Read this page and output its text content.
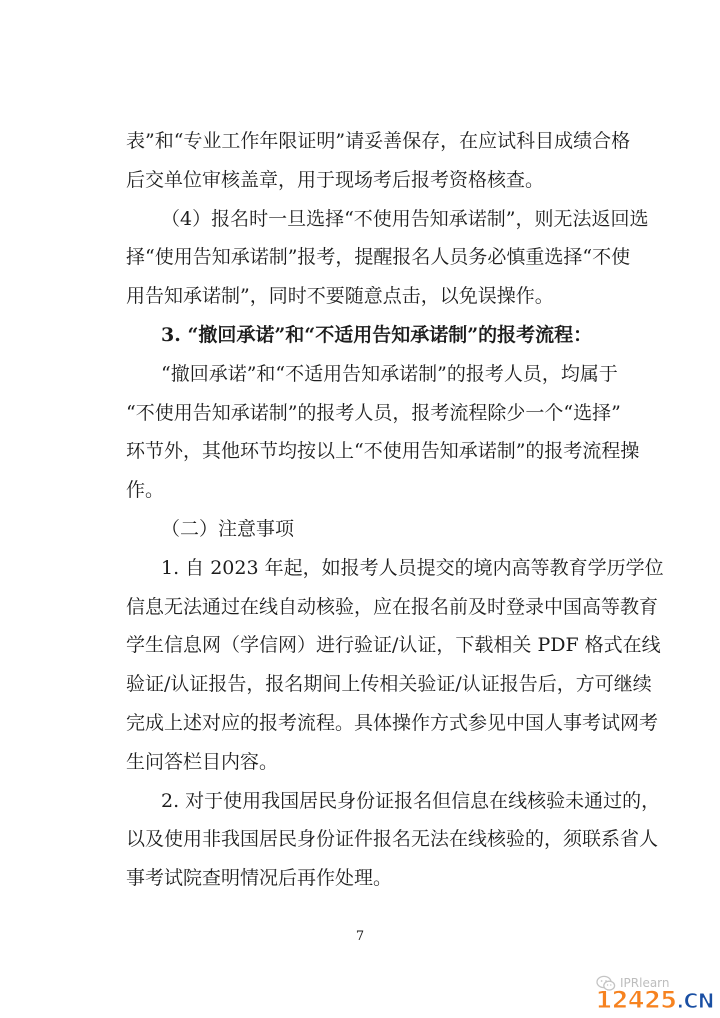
表”和“专业工作年限证明”请妥善保存，在应试科目成绩合格
后交单位审核盖章，用于现场考后报考资格核查。
（4）报名时一旦选择“不使用告知承诺制”，则无法返回选
择“使用告知承诺制”报考，提醒报名人员务必慎重选择“不使
用告知承诺制”，同时不要随意点击，以免误操作。
3. “撤回承诺”和“不适用告知承诺制”的报考流程：
“撤回承诺”和“不适用告知承诺制”的报考人员，均属于
“不使用告知承诺制”的报考人员，报考流程除少一个“选择”
环节外，其他环节均按以上“不使用告知承诺制”的报考流程操
作。
（二）注意事项
1. 自 2023 年起，如报考人员提交的境内高等教育学历学位
信息无法通过在线自动核验，应在报名前及时登录中国高等教育
学生信息网（学信网）进行验证/认证，下载相关 PDF 格式在线
验证/认证报告，报名期间上传相关验证/认证报告后，方可继续
完成上述对应的报考流程。具体操作方式参见中国人事考试网考
生问答栏目内容。
2. 对于使用我国居民身份证报名但信息在线核验未通过的，
以及使用非我国居民身份证件报名无法在线核验的，须联系省人
事考试院查明情况后再作处理。
7
IPRlearn
12425.CN
